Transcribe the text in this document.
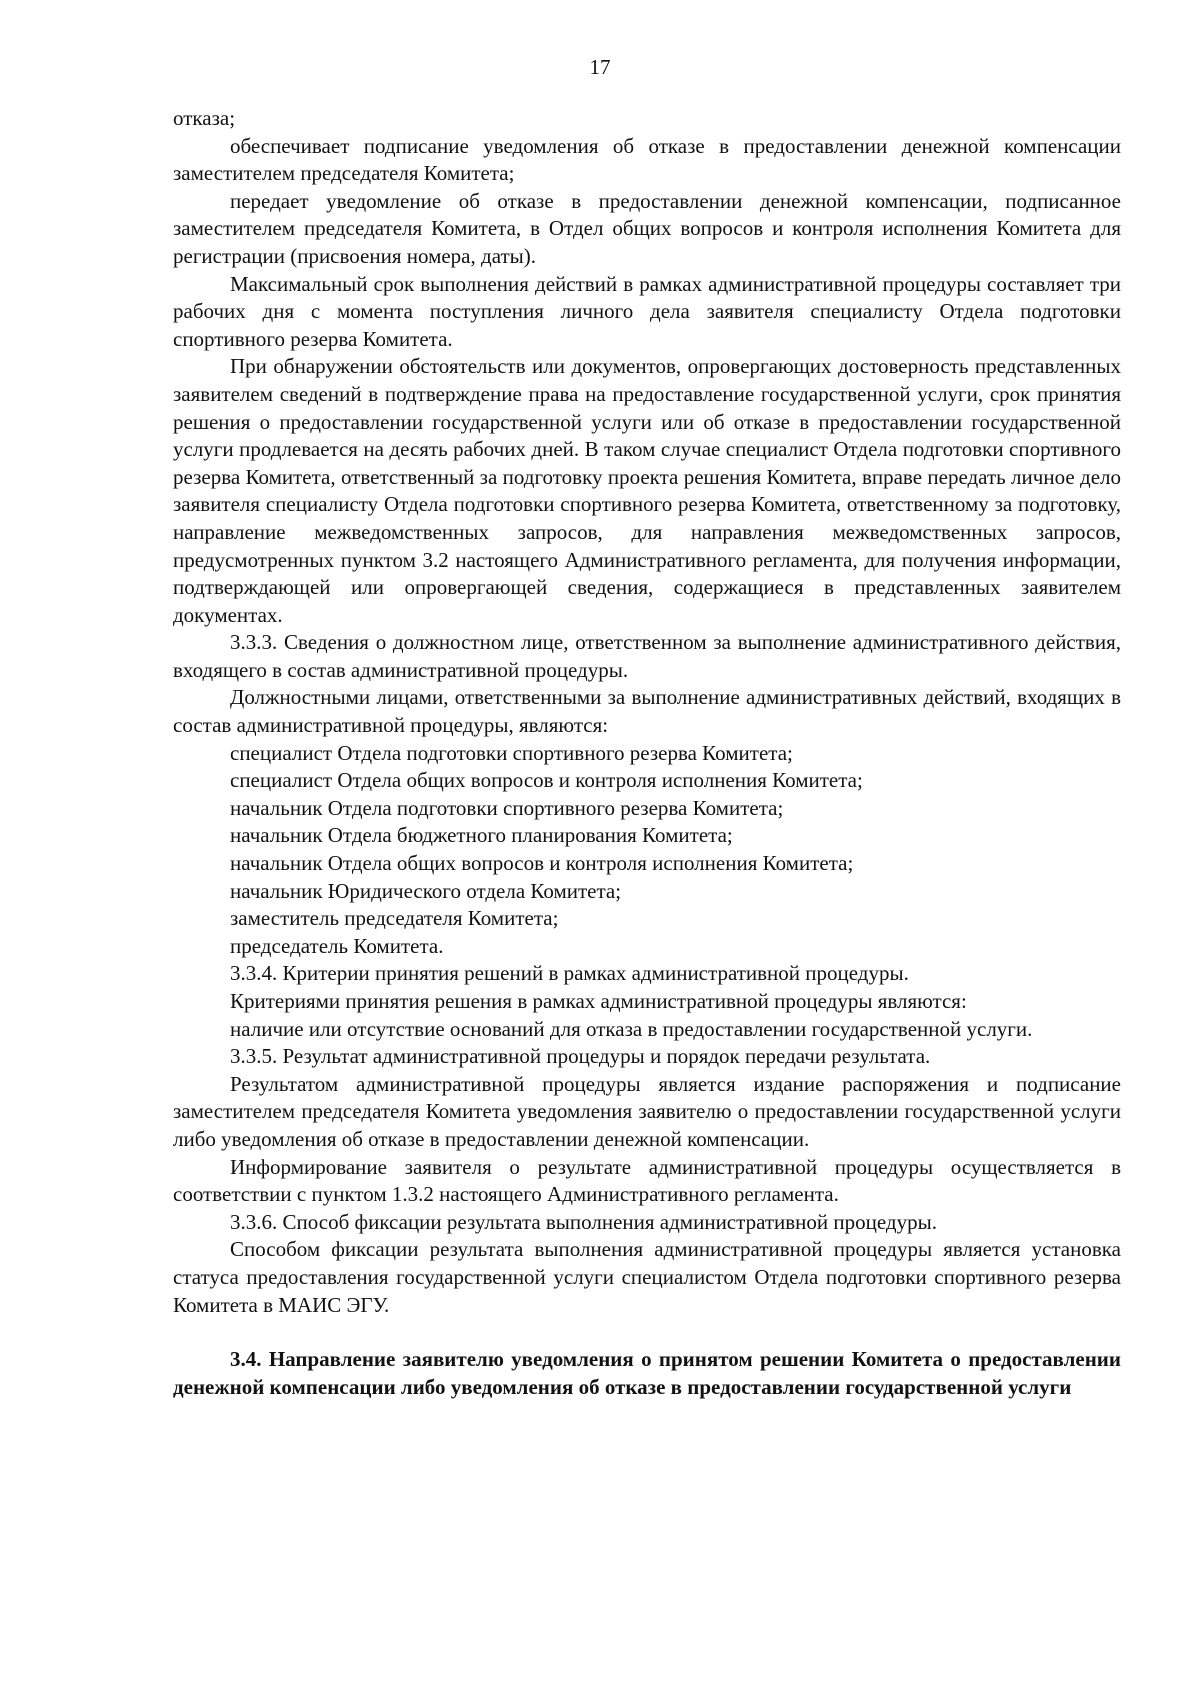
17

отказа;

обеспечивает подписание уведомления об отказе в предоставлении денежной компенсации заместителем председателя Комитета;

передает уведомление об отказе в предоставлении денежной компенсации, подписанное заместителем председателя Комитета, в Отдел общих вопросов и контроля исполнения Комитета для регистрации (присвоения номера, даты).

Максимальный срок выполнения действий в рамках административной процедуры составляет три рабочих дня с момента поступления личного дела заявителя специалисту Отдела подготовки спортивного резерва Комитета.

При обнаружении обстоятельств или документов, опровергающих достоверность представленных заявителем сведений в подтверждение права на предоставление государственной услуги, срок принятия решения о предоставлении государственной услуги или об отказе в предоставлении государственной услуги продлевается на десять рабочих дней. В таком случае специалист Отдела подготовки спортивного резерва Комитета, ответственный за подготовку проекта решения Комитета, вправе передать личное дело заявителя специалисту Отдела подготовки спортивного резерва Комитета, ответственному за подготовку, направление межведомственных запросов, для направления межведомственных запросов, предусмотренных пунктом 3.2 настоящего Административного регламента, для получения информации, подтверждающей или опровергающей сведения, содержащиеся в представленных заявителем документах.

3.3.3. Сведения о должностном лице, ответственном за выполнение административного действия, входящего в состав административной процедуры.

Должностными лицами, ответственными за выполнение административных действий, входящих в состав административной процедуры, являются:

специалист Отдела подготовки спортивного резерва Комитета;

специалист Отдела общих вопросов и контроля исполнения Комитета;

начальник Отдела подготовки спортивного резерва Комитета;

начальник Отдела бюджетного планирования Комитета;

начальник Отдела общих вопросов и контроля исполнения Комитета;

начальник Юридического отдела Комитета;

заместитель председателя Комитета;

председатель Комитета.

3.3.4. Критерии принятия решений в рамках административной процедуры.

Критериями принятия решения в рамках административной процедуры являются:

наличие или отсутствие оснований для отказа в предоставлении государственной услуги.

3.3.5. Результат административной процедуры и порядок передачи результата.

Результатом административной процедуры является издание распоряжения и подписание заместителем председателя Комитета уведомления заявителю о предоставлении государственной услуги либо уведомления об отказе в предоставлении денежной компенсации.

Информирование заявителя о результате административной процедуры осуществляется в соответствии с пунктом 1.3.2 настоящего Административного регламента.

3.3.6. Способ фиксации результата выполнения административной процедуры.

Способом фиксации результата выполнения административной процедуры является установка статуса предоставления государственной услуги специалистом Отдела подготовки спортивного резерва Комитета в МАИС ЭГУ.

3.4. Направление заявителю уведомления о принятом решении Комитета о предоставлении денежной компенсации либо уведомления об отказе в предоставлении государственной услуги
